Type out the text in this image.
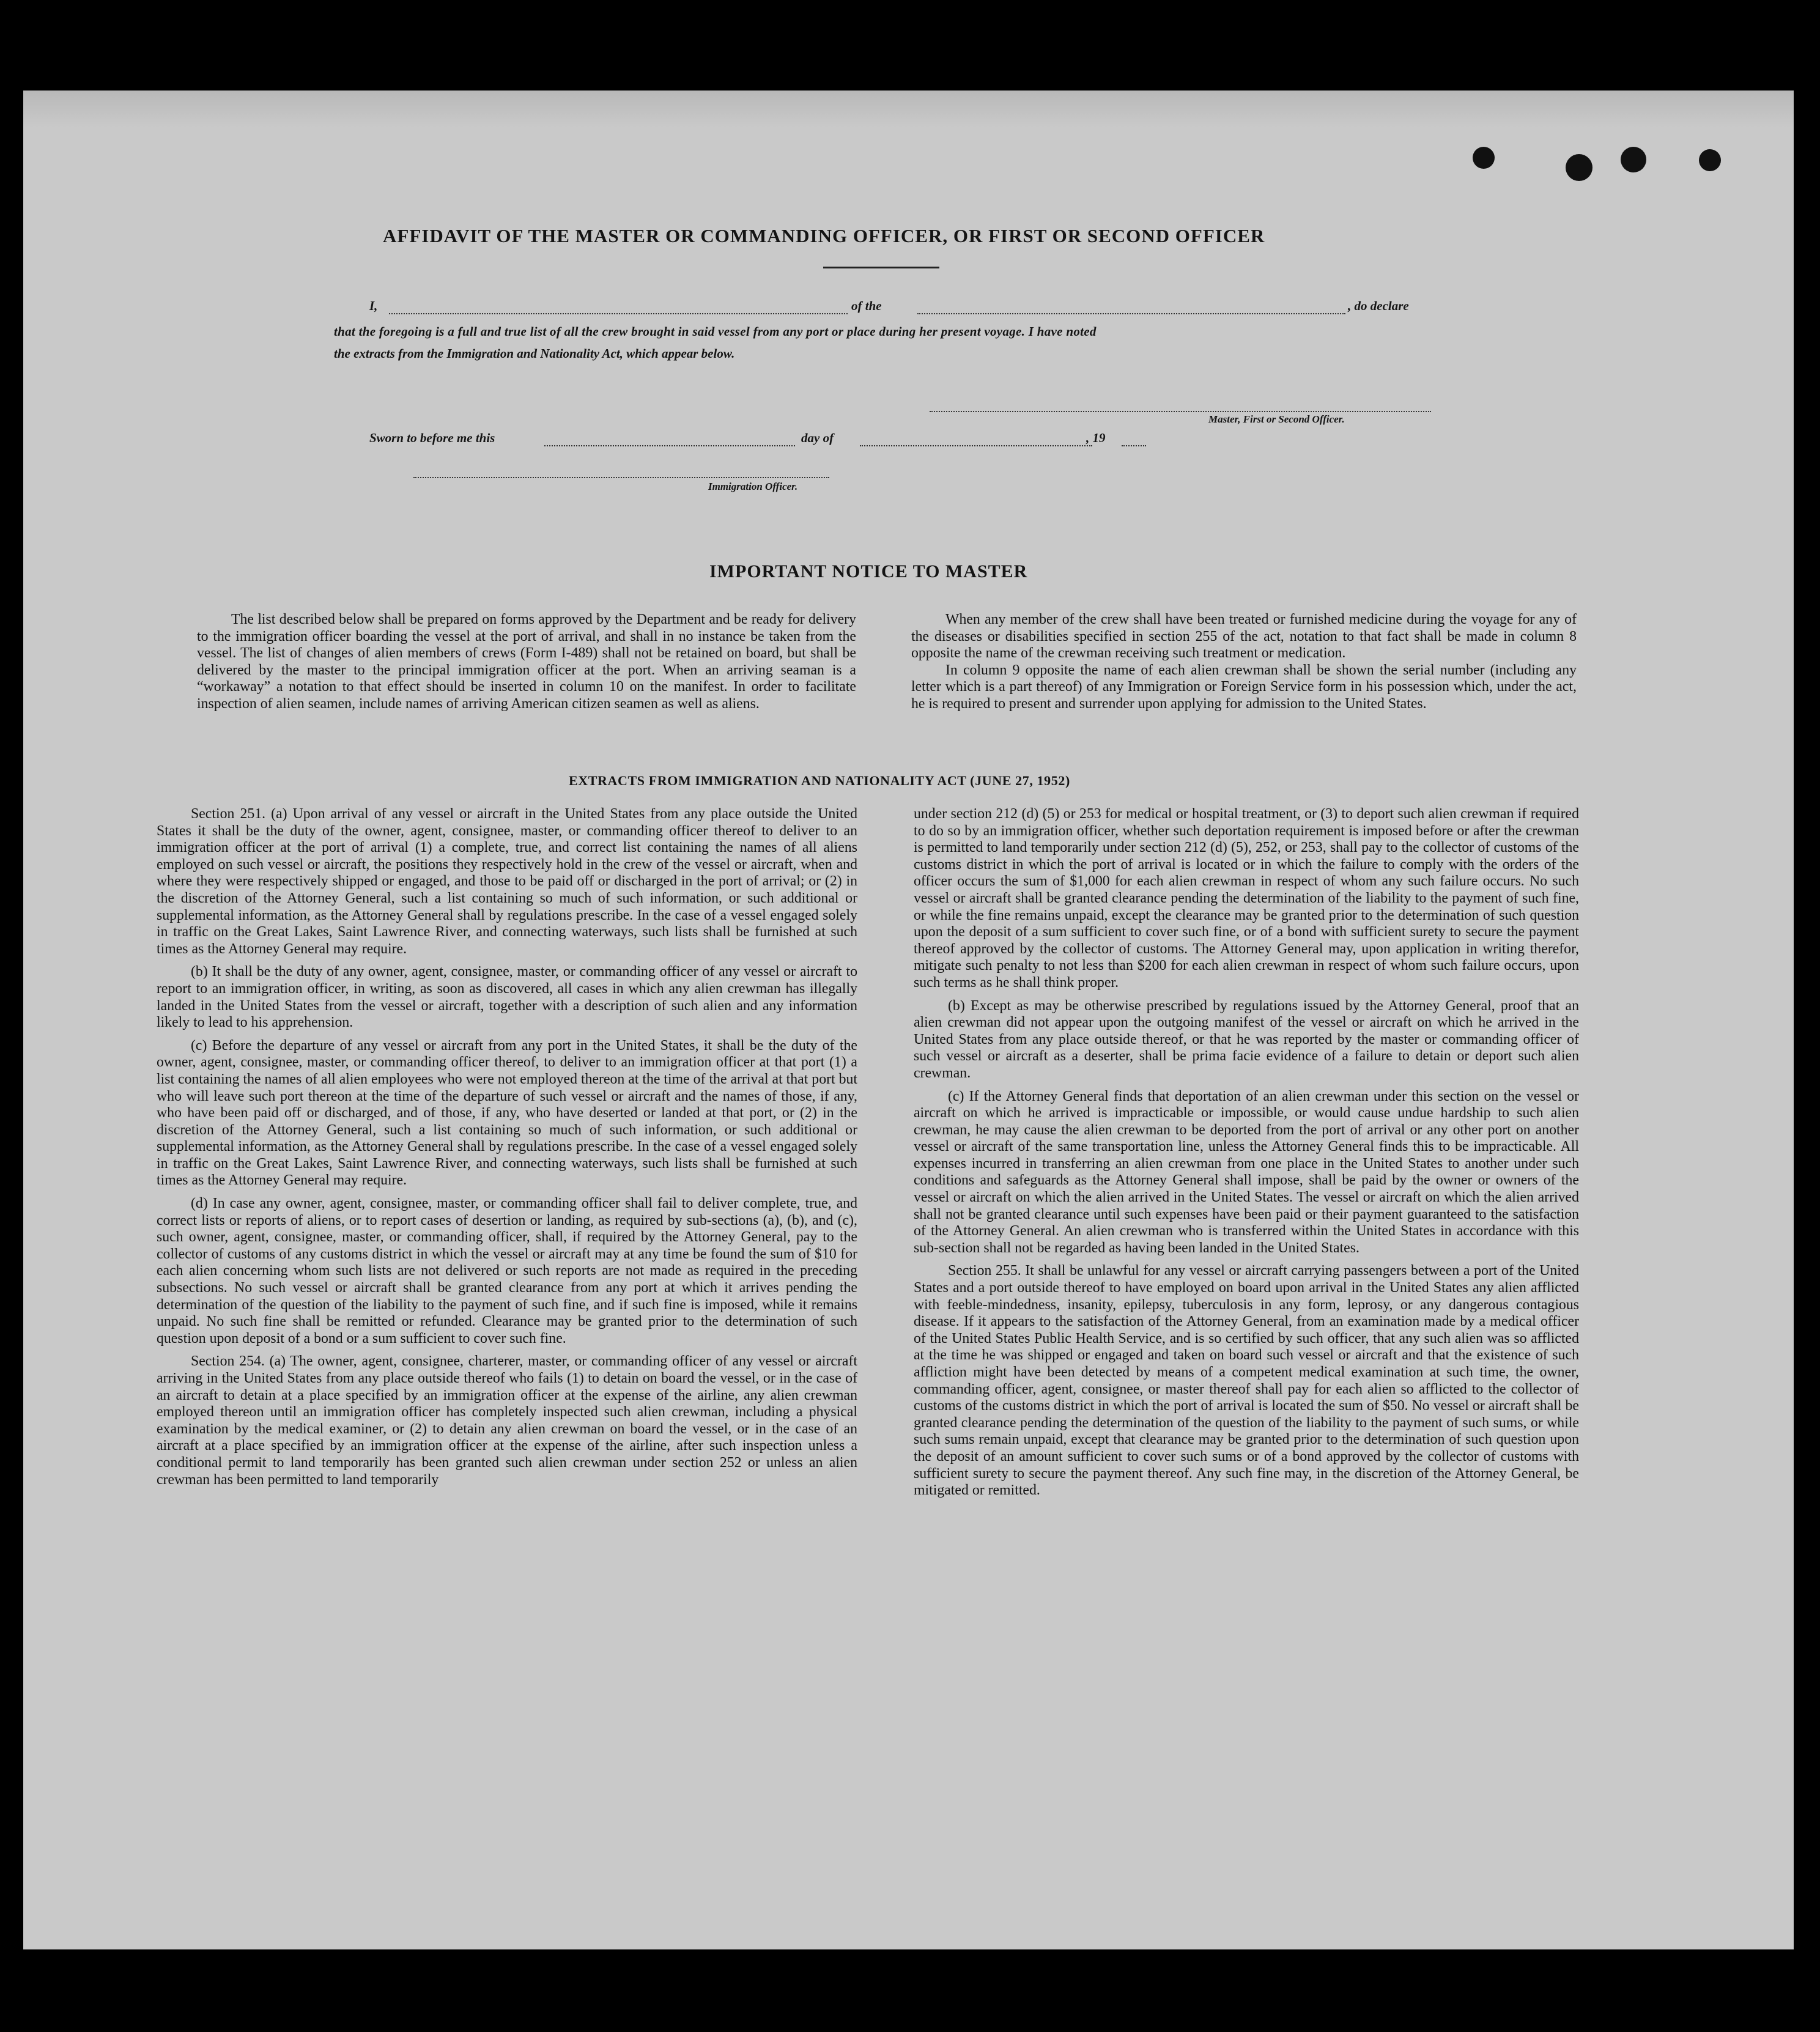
AFFIDAVIT OF THE MASTER OR COMMANDING OFFICER, OR FIRST OR SECOND OFFICER
I,	of the	, do declare
that the foregoing is a full and true list of all the crew brought in said vessel from any port or place during her present voyage. I have noted
the extracts from the Immigration and Nationality Act, which appear below.
Master, First or Second Officer.
Sworn to before me this	day of	, 19
Immigration Officer.
IMPORTANT NOTICE TO MASTER

The list described below shall be prepared on forms approved by the Department and be ready for delivery to the immigration officer boarding the vessel at the port of arrival, and shall in no instance be taken from the vessel. The list of changes of alien members of crews (Form I-489) shall not be retained on board, but shall be delivered by the master to the principal immigration officer at the port. When an arriving seaman is a “workaway” a notation to that effect should be inserted in column 10 on the manifest. In order to facilitate inspection of alien seamen, include names of arriving American citizen seamen as well as aliens.

When any member of the crew shall have been treated or furnished medicine during the voyage for any of the diseases or disabilities specified in section 255 of the act, notation to that fact shall be made in column 8 opposite the name of the crewman receiving such treatment or medication.

In column 9 opposite the name of each alien crewman shall be shown the serial number (including any letter which is a part thereof) of any Immigration or Foreign Service form in his possession which, under the act, he is required to present and surrender upon applying for admission to the United States.

EXTRACTS FROM IMMIGRATION AND NATIONALITY ACT (JUNE 27, 1952)

Section 251. (a) Upon arrival of any vessel or aircraft in the United States from any place outside the United States it shall be the duty of the owner, agent, consignee, master, or commanding officer thereof to deliver to an immigration officer at the port of arrival (1) a complete, true, and correct list containing the names of all aliens employed on such vessel or aircraft, the positions they respectively hold in the crew of the vessel or aircraft, when and where they were respectively shipped or engaged, and those to be paid off or discharged in the port of arrival; or (2) in the discretion of the Attorney General, such a list containing so much of such information, or such additional or supplemental information, as the Attorney General shall by regulations prescribe. In the case of a vessel engaged solely in traffic on the Great Lakes, Saint Lawrence River, and connecting waterways, such lists shall be furnished at such times as the Attorney General may require.

(b) It shall be the duty of any owner, agent, consignee, master, or commanding officer of any vessel or aircraft to report to an immigration officer, in writing, as soon as discovered, all cases in which any alien crewman has illegally landed in the United States from the vessel or aircraft, together with a description of such alien and any information likely to lead to his apprehension.

(c) Before the departure of any vessel or aircraft from any port in the United States, it shall be the duty of the owner, agent, consignee, master, or commanding officer thereof, to deliver to an immigration officer at that port (1) a list containing the names of all alien employees who were not employed thereon at the time of the arrival at that port but who will leave such port thereon at the time of the departure of such vessel or aircraft and the names of those, if any, who have been paid off or discharged, and of those, if any, who have deserted or landed at that port, or (2) in the discretion of the Attorney General, such a list containing so much of such information, or such additional or supplemental information, as the Attorney General shall by regulations prescribe. In the case of a vessel engaged solely in traffic on the Great Lakes, Saint Lawrence River, and connecting waterways, such lists shall be furnished at such times as the Attorney General may require.

(d) In case any owner, agent, consignee, master, or commanding officer shall fail to deliver complete, true, and correct lists or reports of aliens, or to report cases of desertion or landing, as required by sub-sections (a), (b), and (c), such owner, agent, consignee, master, or commanding officer, shall, if required by the Attorney General, pay to the collector of customs of any customs district in which the vessel or aircraft may at any time be found the sum of $10 for each alien concerning whom such lists are not delivered or such reports are not made as required in the preceding subsections. No such vessel or aircraft shall be granted clearance from any port at which it arrives pending the determination of the question of the liability to the payment of such fine, and if such fine is imposed, while it remains unpaid. No such fine shall be remitted or refunded. Clearance may be granted prior to the determination of such question upon deposit of a bond or a sum sufficient to cover such fine.

Section 254. (a) The owner, agent, consignee, charterer, master, or commanding officer of any vessel or aircraft arriving in the United States from any place outside thereof who fails (1) to detain on board the vessel, or in the case of an aircraft to detain at a place specified by an immigration officer at the expense of the airline, any alien crewman employed thereon until an immigration officer has completely inspected such alien crewman, including a physical examination by the medical examiner, or (2) to detain any alien crewman on board the vessel, or in the case of an aircraft at a place specified by an immigration officer at the expense of the airline, after such inspection unless a conditional permit to land temporarily has been granted such alien crewman under section 252 or unless an alien crewman has been permitted to land temporarily

under section 212 (d) (5) or 253 for medical or hospital treatment, or (3) to deport such alien crewman if required to do so by an immigration officer, whether such deportation requirement is imposed before or after the crewman is permitted to land temporarily under section 212 (d) (5), 252, or 253, shall pay to the collector of customs of the customs district in which the port of arrival is located or in which the failure to comply with the orders of the officer occurs the sum of $1,000 for each alien crewman in respect of whom any such failure occurs. No such vessel or aircraft shall be granted clearance pending the determination of the liability to the payment of such fine, or while the fine remains unpaid, except the clearance may be granted prior to the determination of such question upon the deposit of a sum sufficient to cover such fine, or of a bond with sufficient surety to secure the payment thereof approved by the collector of customs. The Attorney General may, upon application in writing therefor, mitigate such penalty to not less than $200 for each alien crewman in respect of whom such failure occurs, upon such terms as he shall think proper.

(b) Except as may be otherwise prescribed by regulations issued by the Attorney General, proof that an alien crewman did not appear upon the outgoing manifest of the vessel or aircraft on which he arrived in the United States from any place outside thereof, or that he was reported by the master or commanding officer of such vessel or aircraft as a deserter, shall be prima facie evidence of a failure to detain or deport such alien crewman.

(c) If the Attorney General finds that deportation of an alien crewman under this section on the vessel or aircraft on which he arrived is impracticable or impossible, or would cause undue hardship to such alien crewman, he may cause the alien crewman to be deported from the port of arrival or any other port on another vessel or aircraft of the same transportation line, unless the Attorney General finds this to be impracticable. All expenses incurred in transferring an alien crewman from one place in the United States to another under such conditions and safeguards as the Attorney General shall impose, shall be paid by the owner or owners of the vessel or aircraft on which the alien arrived in the United States. The vessel or aircraft on which the alien arrived shall not be granted clearance until such expenses have been paid or their payment guaranteed to the satisfaction of the Attorney General. An alien crewman who is transferred within the United States in accordance with this sub-section shall not be regarded as having been landed in the United States.

Section 255. It shall be unlawful for any vessel or aircraft carrying passengers between a port of the United States and a port outside thereof to have employed on board upon arrival in the United States any alien afflicted with feeble-mindedness, insanity, epilepsy, tuberculosis in any form, leprosy, or any dangerous contagious disease. If it appears to the satisfaction of the Attorney General, from an examination made by a medical officer of the United States Public Health Service, and is so certified by such officer, that any such alien was so afflicted at the time he was shipped or engaged and taken on board such vessel or aircraft and that the existence of such affliction might have been detected by means of a competent medical examination at such time, the owner, commanding officer, agent, consignee, or master thereof shall pay for each alien so afflicted to the collector of customs of the customs district in which the port of arrival is located the sum of $50. No vessel or aircraft shall be granted clearance pending the determination of the question of the liability to the payment of such sums, or while such sums remain unpaid, except that clearance may be granted prior to the determination of such question upon the deposit of an amount sufficient to cover such sums or of a bond approved by the collector of customs with sufficient surety to secure the payment thereof. Any such fine may, in the discretion of the Attorney General, be mitigated or remitted.
